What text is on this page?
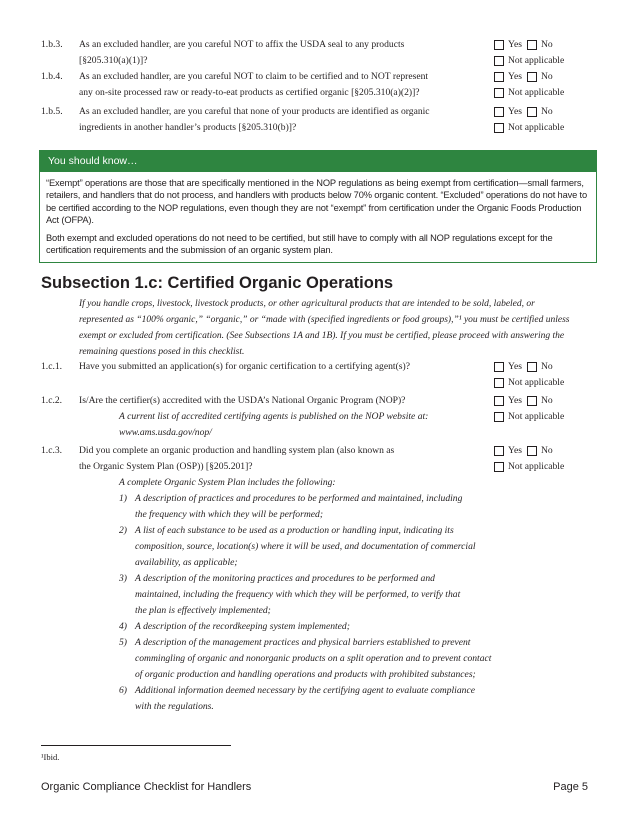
1.b.3.	As an excluded handler, are you careful NOT to affix the USDA seal to any products
[§205.310(a)(1)]?
Yes No
Not applicable
1.b.4.	As an excluded handler, are you careful NOT to claim to be certified and to NOT represent
any on-site processed raw or ready-to-eat products as certified organic [§205.310(a)(2)]?
Yes No
Not applicable
1.b.5.	As an excluded handler, are you careful that none of your products are identified as organic
ingredients in another handler’s products [§205.310(b)]?
Yes No
Not applicable
You should know…

“Exempt” operations are those that are specifically mentioned in the NOP regulations as being exempt from certification—small farmers, retailers, and handlers that do not process, and handlers with products below 70% organic content. “Excluded” operations do not have to be certified according to the NOP regulations, even though they are not “exempt” from certification under the Organic Foods Production Act (OFPA).

Both exempt and excluded operations do not need to be certified, but still have to comply with all NOP regulations except for the certification requirements and the submission of an organic system plan.

Subsection 1.c: Certified Organic Operations
If you handle crops, livestock, livestock products, or other agricultural products that are intended to be sold, labeled, or represented as “100% organic,” “organic,” or “made with (specified ingredients or food groups),”¹ you must be certified unless exempt or excluded from certification. (See Subsections 1A and 1B). If you must be certified, please proceed with answering the remaining questions posed in this checklist.
1.c.1.	Have you submitted an application(s) for organic certification to a certifying agent(s)?	Yes No
Not applicable
1.c.2.	Is/Are the certifier(s) accredited with the USDA’s National Organic Program (NOP)?
A current list of accredited certifying agents is published on the NOP website at:
www.ams.usda.gov/nop/
Yes No
Not applicable
1.c.3.	Did you complete an organic production and handling system plan (also known as
the Organic System Plan (OSP)) [§205.201]?
A complete Organic System Plan includes the following:
1) A description of practices and procedures to be performed and maintained, including
the frequency with which they will be performed;
2) A list of each substance to be used as a production or handling input, indicating its
composition, source, location(s) where it will be used, and documentation of commercial
availability, as applicable;
3) A description of the monitoring practices and procedures to be performed and
maintained, including the frequency with which they will be performed, to verify that
the plan is effectively implemented;
4) A description of the recordkeeping system implemented;
5) A description of the management practices and physical barriers established to prevent
commingling of organic and nonorganic products on a split operation and to prevent contact
of organic production and handling operations and products with prohibited substances;
6) Additional information deemed necessary by the certifying agent to evaluate compliance
with the regulations.
Yes No
Not applicable
¹Ibid.
Organic Compliance Checklist for Handlers	Page 5
